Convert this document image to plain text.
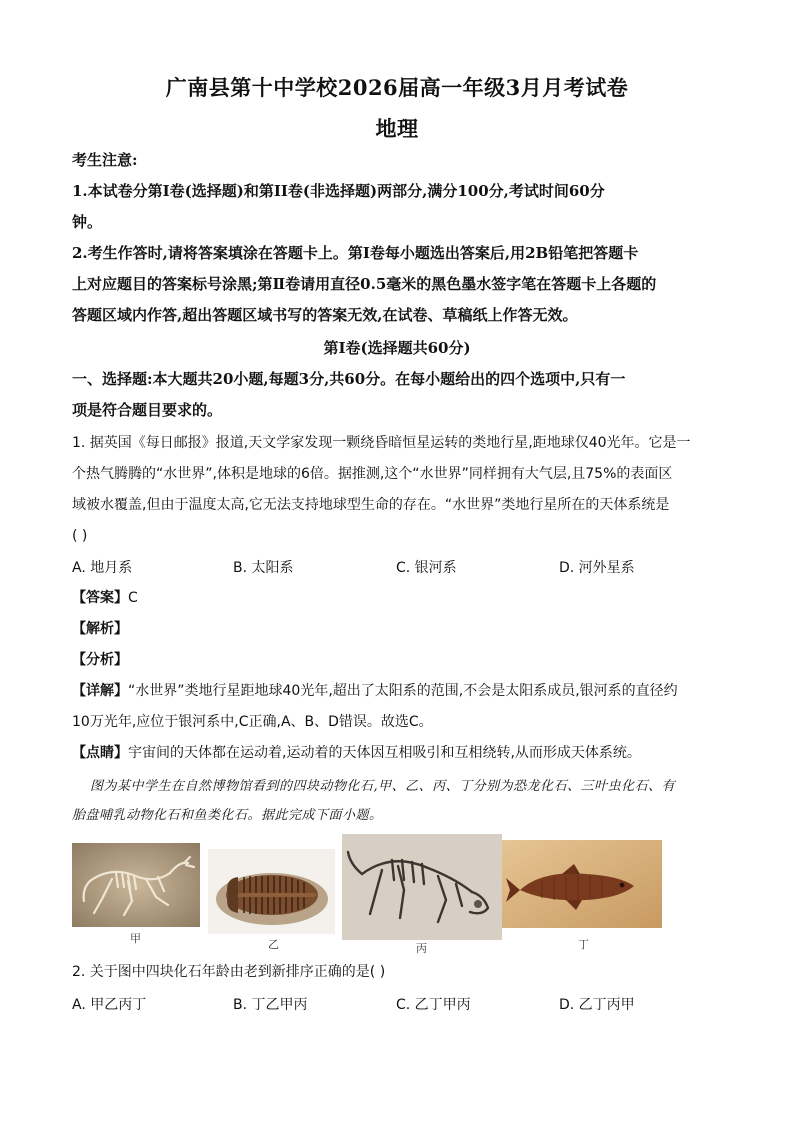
广南县第十中学校2026届高一年级3月月考试卷
地理
考生注意:
1.本试卷分第Ⅰ卷(选择题)和第II卷(非选择题)两部分,满分100分,考试时间60分
钟。
2.考生作答时,请将答案填涂在答题卡上。第Ⅰ卷每小题选出答案后,用2B铅笔把答题卡
上对应题目的答案标号涂黑;第Ⅱ卷请用直径0.5毫米的黑色墨水签字笔在答题卡上各题的
答题区域内作答,超出答题区域书写的答案无效,在试卷、草稿纸上作答无效。
第Ⅰ卷(选择题共60分)
一、选择题:本大题共20小题,每题3分,共60分。在每小题给出的四个选项中,只有一
项是符合题目要求的。
1. 据英国《每日邮报》报道,天文学家发现一颗绕昏暗恒星运转的类地行星,距地球仅40光年。它是一
个热气腾腾的“水世界”,体积是地球的6倍。据推测,这个“水世界”同样拥有大气层,且75%的表面区
域被水覆盖,但由于温度太高,它无法支持地球型生命的存在。“水世界”类地行星所在的天体系统是
( )
A. 地月系	B. 太阳系	C. 银河系	D. 河外星系
【答案】C
【解析】
【分析】
【详解】“水世界”类地行星距地球40光年,超出了太阳系的范围,不会是太阳系成员,银河系的直径约
10万光年,应位于银河系中,C正确,A、B、D错误。故选C。
【点睛】宇宙间的天体都在运动着,运动着的天体因互相吸引和互相绕转,从而形成天体系统。
图为某中学生在自然博物馆看到的四块动物化石,甲、乙、丙、丁分别为恐龙化石、三叶虫化石、有
胎盘哺乳动物化石和鱼类化石。据此完成下面小题。
甲	乙	丙	丁
2. 关于图中四块化石年龄由老到新排序正确的是( )
A. 甲乙丙丁	B. 丁乙甲丙	C. 乙丁甲丙	D. 乙丁丙甲
